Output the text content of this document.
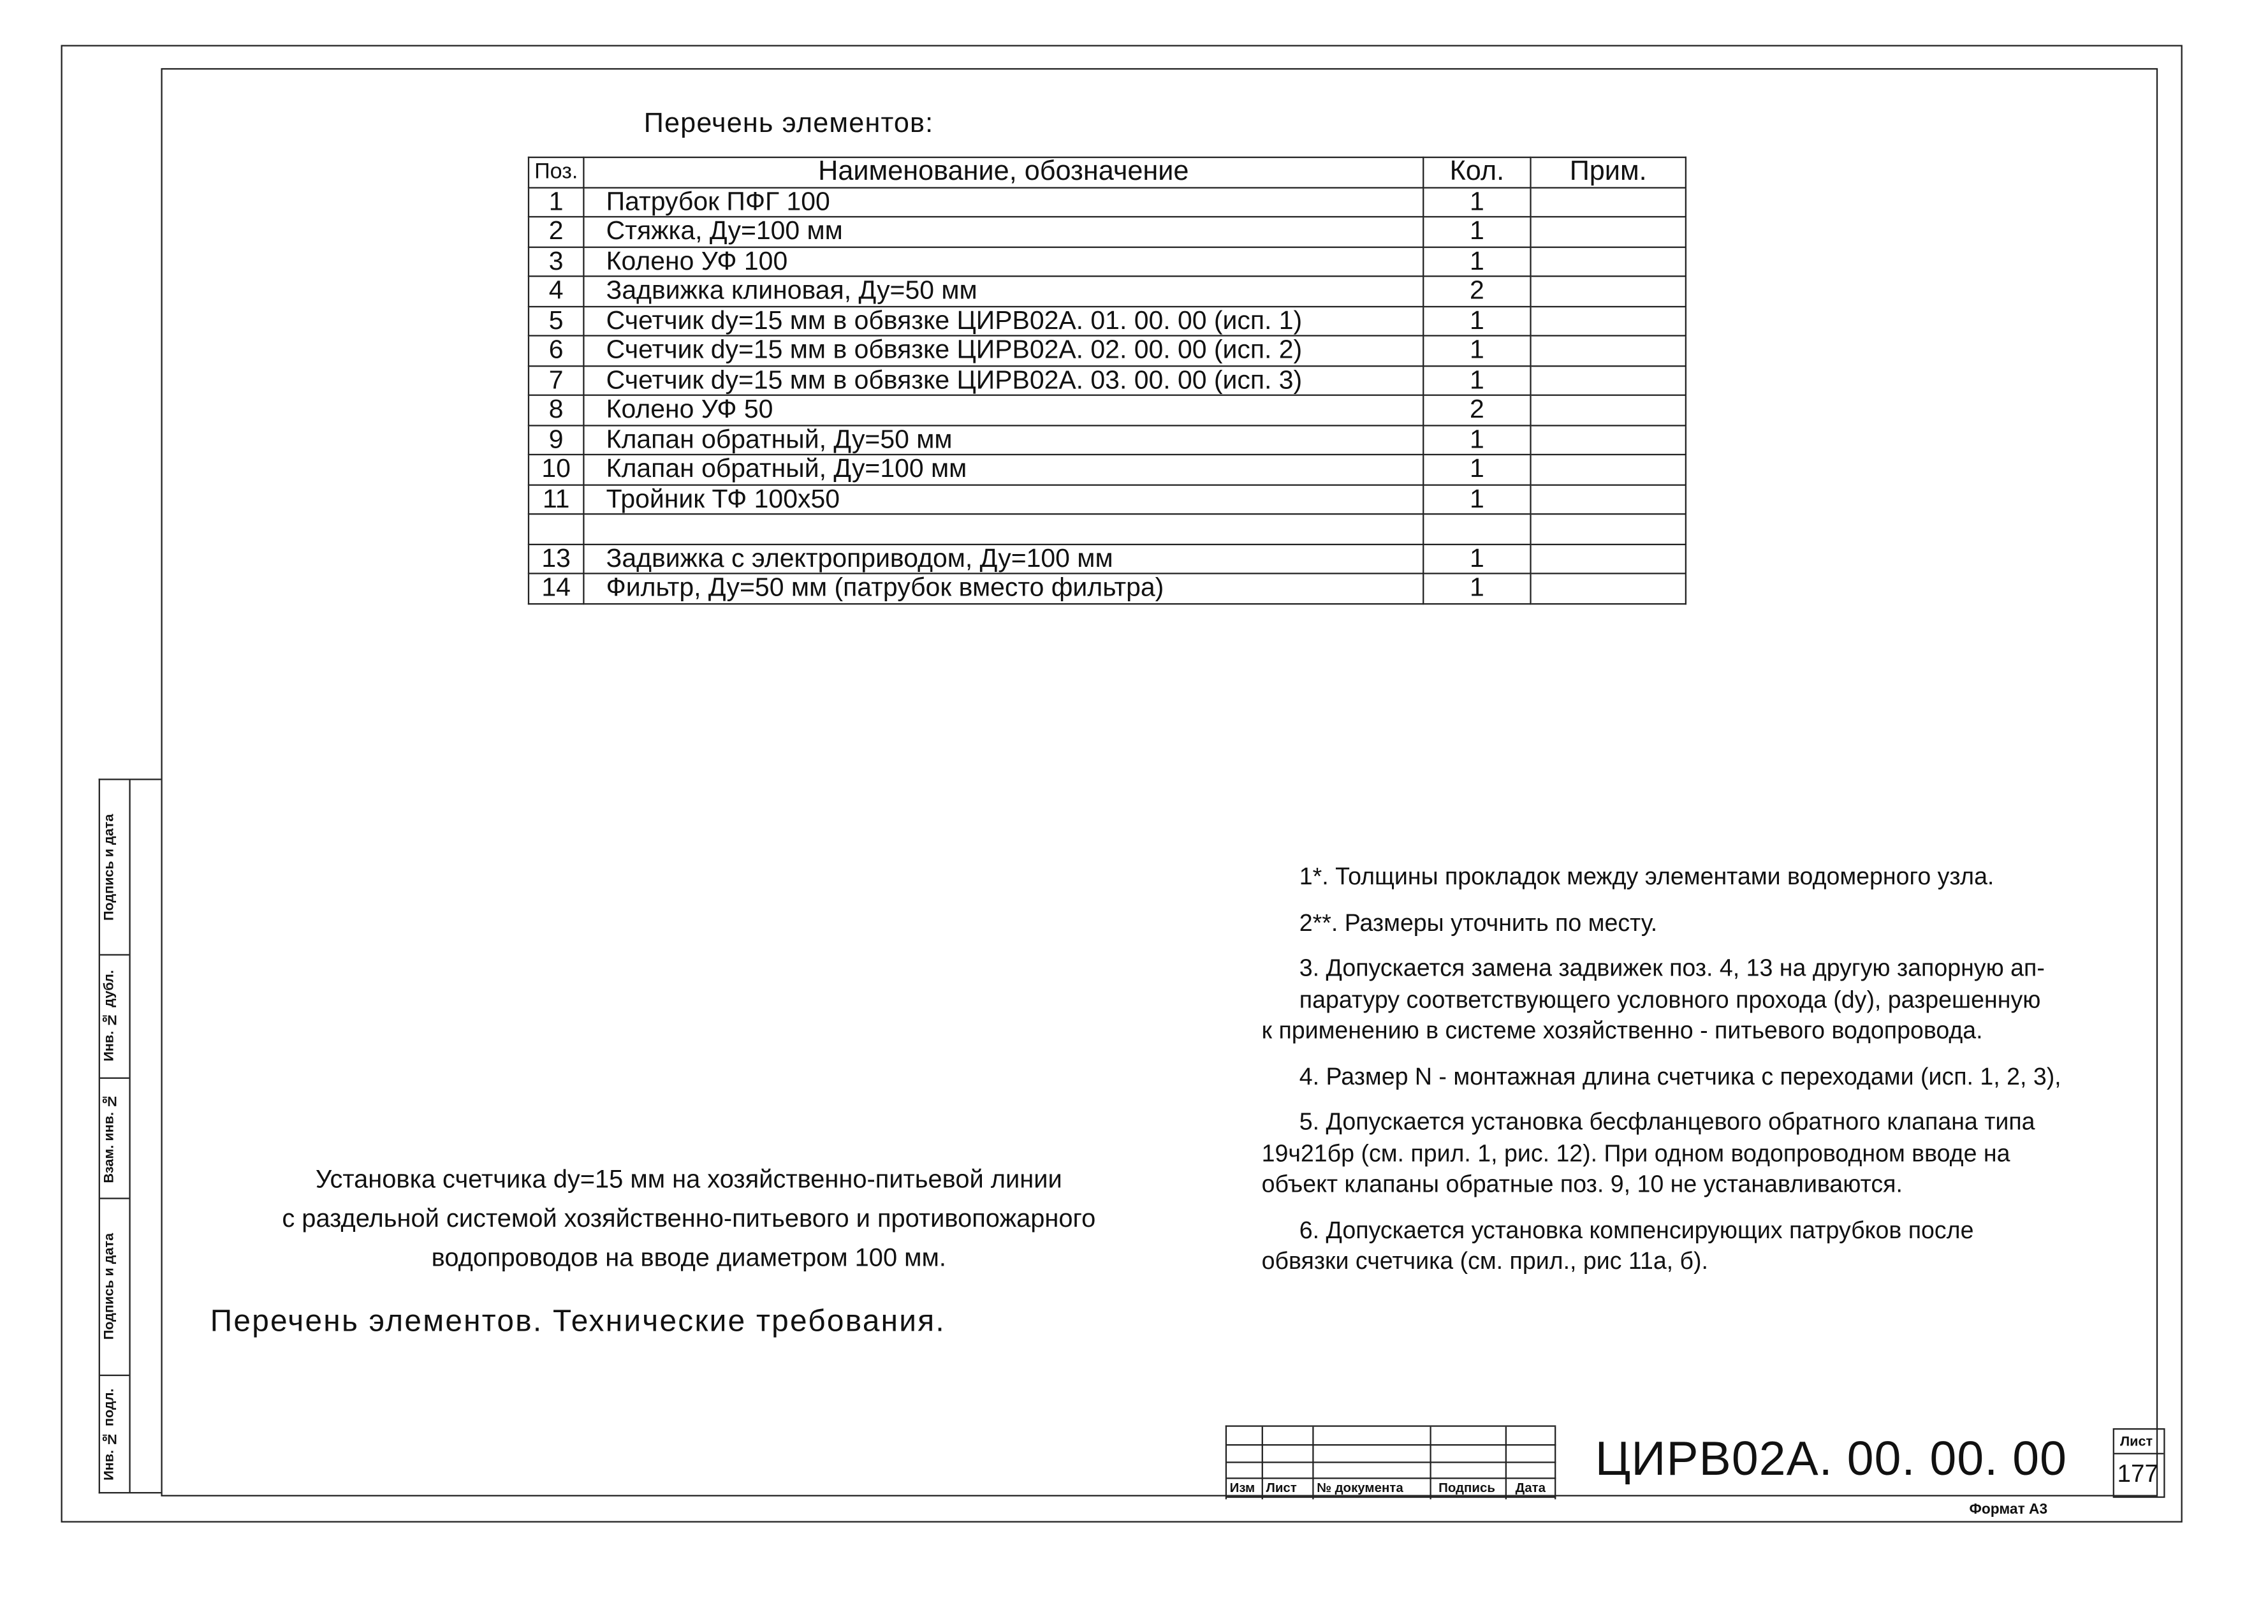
Перечень элементов:
Поз.	Наименование, обозначение	Кол.	Прим.
1	Патрубок ПФГ 100	1	
2	Стяжка, Ду=100 мм	1	
3	Колено УФ 100	1	
4	Задвижка клиновая, Ду=50 мм	2	
5	Счетчик dy=15 мм в обвязке ЦИРВ02А. 01. 00. 00 (исп. 1)	1	
6	Счетчик dy=15 мм в обвязке ЦИРВ02А. 02. 00. 00 (исп. 2)	1	
7	Счетчик dy=15 мм в обвязке ЦИРВ02А. 03. 00. 00 (исп. 3)	1	
8	Колено УФ 50	2	
9	Клапан обратный, Ду=50 мм	1	
10	Клапан обратный, Ду=100 мм	1	
11	Тройник ТФ 100х50	1	

13	Задвижка с электроприводом, Ду=100 мм	1	
14	Фильтр, Ду=50 мм (патрубок вместо фильтра)	1	
Установка счетчика dy=15 мм на хозяйственно-питьевой линии
с раздельной системой хозяйственно-питьевого и противопожарного
водопроводов на вводе диаметром 100 мм.
Перечень элементов. Технические требования.
1*. Толщины прокладок между элементами водомерного узла.
2**. Размеры уточнить по месту.
3. Допускается замена задвижек поз. 4, 13 на другую запорную ап-
паратуру соответствующего условного прохода (dy), разрешенную
к применению в системе хозяйственно - питьевого водопровода.
4. Размер N - монтажная длина счетчика с переходами (исп. 1, 2, 3),
5. Допускается установка бесфланцевого обратного клапана типа
19ч21бр (см. прил. 1, рис. 12). При одном водопроводном вводе на
объект клапаны обратные поз. 9, 10 не устанавливаются.
6. Допускается установка компенсирующих патрубков после
обвязки счетчика (см. прил., рис 11а, б).
Подпись и дата
Инв. № дубл.
Взам. инв. №
Подпись и дата
Инв. № подл.
Изм Лист	№ документа	Подпись	Дата
ЦИРВ02А. 00. 00. 00	Лист
177
Формат А3
